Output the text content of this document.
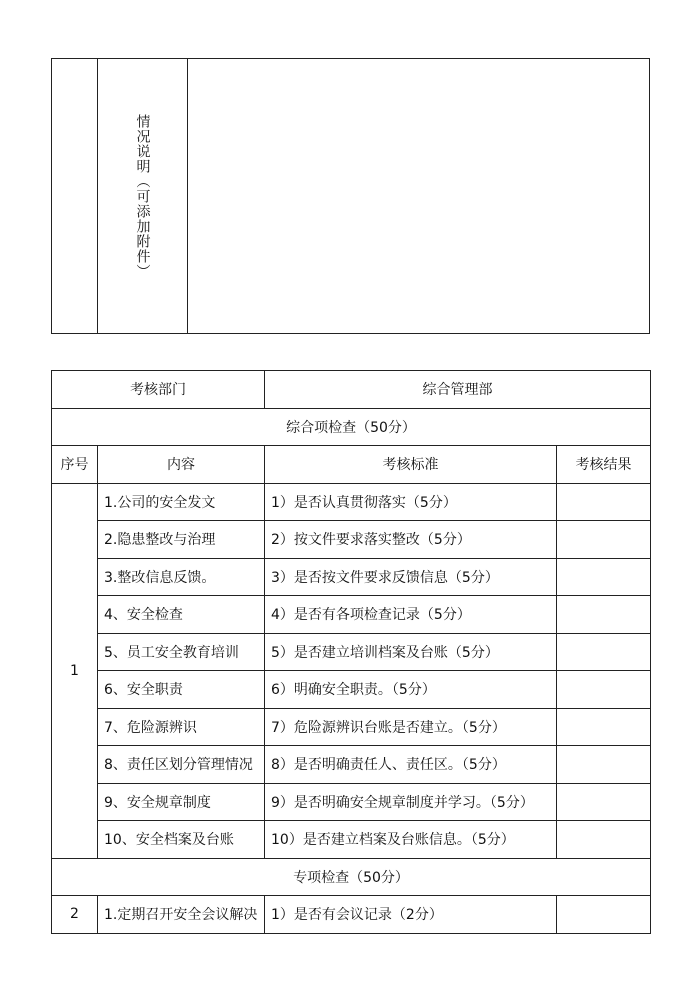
情况说明（可添加附件）

考核部门		综合管理部	
综合项检查（50分）			
序号	内容	考核标准	考核结果
1	1.公司的安全发文	1）是否认真贯彻落实（5分）	
	2.隐患整改与治理	2）按文件要求落实整改（5分）	
	3.整改信息反馈。	3）是否按文件要求反馈信息（5分）	
	4、安全检查	4）是否有各项检查记录（5分）	
	5、员工安全教育培训	5）是否建立培训档案及台账（5分）	
	6、安全职责	6）明确安全职责。（5分）	
	7、危险源辨识	7）危险源辨识台账是否建立。（5分）	
	8、责任区划分管理情况	8）是否明确责任人、责任区。（5分）	
	9、安全规章制度	9）是否明确安全规章制度并学习。（5分）	
	10、安全档案及台账	10）是否建立档案及台账信息。（5分）	
专项检查（50分）			
2	1.定期召开安全会议解决	1）是否有会议记录（2分）	
